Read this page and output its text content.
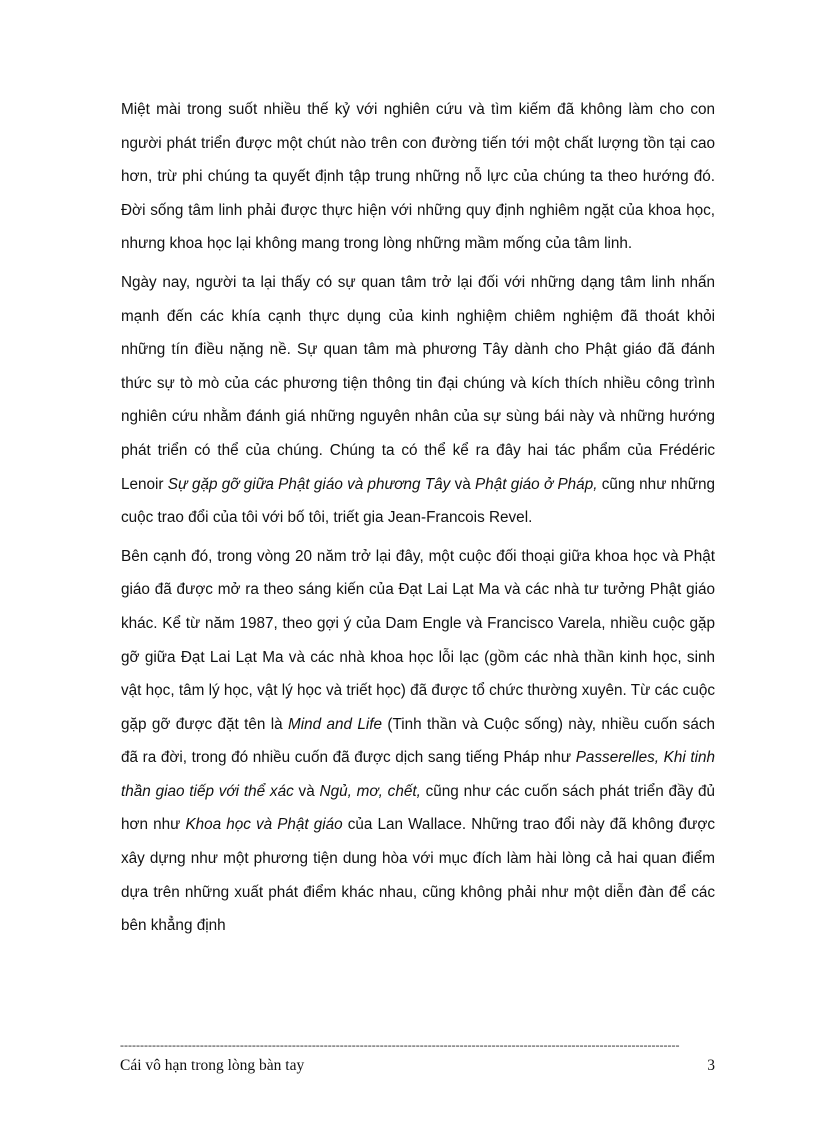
Miệt mài trong suốt nhiều thế kỷ với nghiên cứu và tìm kiếm đã không làm cho con người phát triển được một chút nào trên con đường tiến tới một chất lượng tồn tại cao hơn, trừ phi chúng ta quyết định tập trung những nỗ lực của chúng ta theo hướng đó. Đời sống tâm linh phải được thực hiện với những quy định nghiêm ngặt của khoa học, nhưng khoa học lại không mang trong lòng những mầm mống của tâm linh.

Ngày nay, người ta lại thấy có sự quan tâm trở lại đối với những dạng tâm linh nhấn mạnh đến các khía cạnh thực dụng của kinh nghiệm chiêm nghiệm đã thoát khỏi những tín điều nặng nề. Sự quan tâm mà phương Tây dành cho Phật giáo đã đánh thức sự tò mò của các phương tiện thông tin đại chúng và kích thích nhiều công trình nghiên cứu nhằm đánh giá những nguyên nhân của sự sùng bái này và những hướng phát triển có thể của chúng. Chúng ta có thể kể ra đây hai tác phẩm của Frédéric Lenoir Sự gặp gỡ giữa Phật giáo và phương Tây và Phật giáo ở Pháp, cũng như những cuộc trao đổi của tôi với bố tôi, triết gia Jean-Francois Revel.

Bên cạnh đó, trong vòng 20 năm trở lại đây, một cuộc đối thoại giữa khoa học và Phật giáo đã được mở ra theo sáng kiến của Đạt Lai Lạt Ma và các nhà tư tưởng Phật giáo khác. Kể từ năm 1987, theo gợi ý của Dam Engle và Francisco Varela, nhiều cuộc gặp gỡ giữa Đạt Lai Lạt Ma và các nhà khoa học lỗi lạc (gồm các nhà thần kinh học, sinh vật học, tâm lý học, vật lý học và triết học) đã được tổ chức thường xuyên. Từ các cuộc gặp gỡ được đặt tên là Mind and Life (Tinh thần và Cuộc sống) này, nhiều cuốn sách đã ra đời, trong đó nhiều cuốn đã được dịch sang tiếng Pháp như Passerelles, Khi tinh thần giao tiếp với thể xác và Ngủ, mơ, chết, cũng như các cuốn sách phát triển đầy đủ hơn như Khoa học và Phật giáo của Lan Wallace. Những trao đổi này đã không được xây dựng như một phương tiện dung hòa với mục đích làm hài lòng cả hai quan điểm dựa trên những xuất phát điểm khác nhau, cũng không phải như một diễn đàn để các bên khẳng định

--------------------------------------------------------------------------------------------------------------------------------------------
Cái vô hạn trong lòng bàn tay	3
